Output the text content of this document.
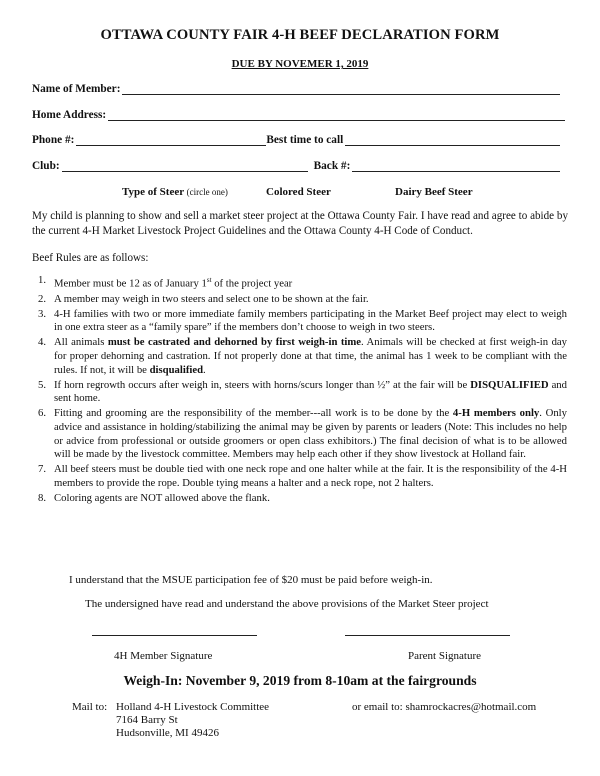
OTTAWA COUNTY FAIR 4-H BEEF DECLARATION FORM
DUE BY NOVEMER 1, 2019
Name of Member:
Home Address:
Phone #:	Best time to call
Club:	Back #:
Type of Steer (circle one)	Colored Steer	Dairy Beef Steer
My child is planning to show and sell a market steer project at the Ottawa County Fair. I have read and agree to abide by the current 4-H Market Livestock Project Guidelines and the Ottawa County 4-H Code of Conduct.
Beef Rules are as follows:
1. Member must be 12 as of January 1st of the project year
2. A member may weigh in two steers and select one to be shown at the fair.
3. 4-H families with two or more immediate family members participating in the Market Beef project may elect to weigh in one extra steer as a “family spare” if the members don’t choose to weigh in two steers.
4. All animals must be castrated and dehorned by first weigh-in time. Animals will be checked at first weigh-in day for proper dehorning and castration. If not properly done at that time, the animal has 1 week to be compliant with the rules. If not, it will be disqualified.
5. If horn regrowth occurs after weigh in, steers with horns/scurs longer than ½” at the fair will be DISQUALIFIED and sent home.
6. Fitting and grooming are the responsibility of the member---all work is to be done by the 4-H members only. Only advice and assistance in holding/stabilizing the animal may be given by parents or leaders (Note: This includes no help or advice from professional or outside groomers or open class exhibitors.) The final decision of what is to be allowed will be made by the livestock committee. Members may help each other if they show livestock at Holland fair.
7. All beef steers must be double tied with one neck rope and one halter while at the fair. It is the responsibility of the 4-H members to provide the rope. Double tying means a halter and a neck rope, not 2 halters.
8. Coloring agents are NOT allowed above the flank.
I understand that the MSUE participation fee of $20 must be paid before weigh-in.
The undersigned have read and understand the above provisions of the Market Steer project
4H Member Signature	Parent Signature
Weigh-In: November 9, 2019 from 8-10am at the fairgrounds
Mail to: Holland 4-H Livestock Committee
7164 Barry St
Hudsonville, MI 49426
or email to: shamrockacres@hotmail.com
